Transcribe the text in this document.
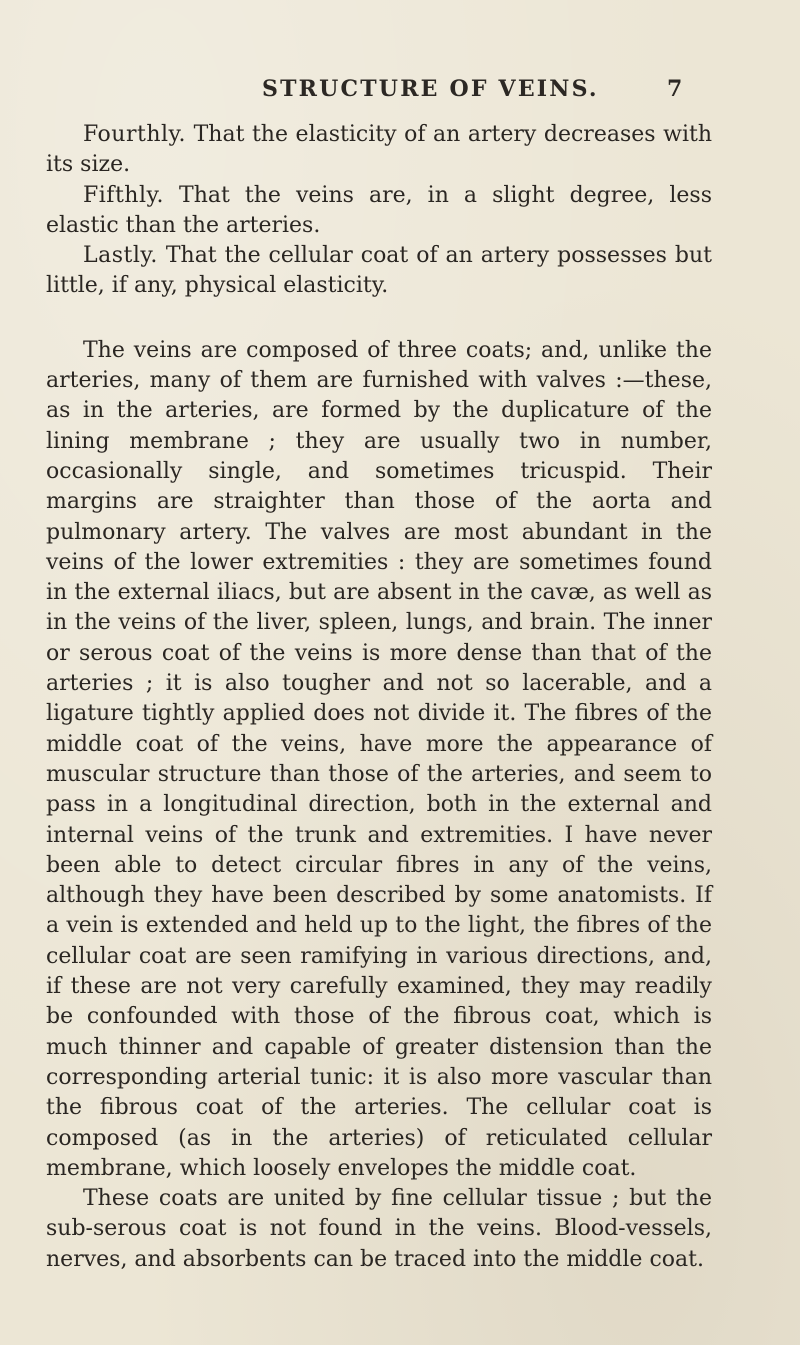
STRUCTURE OF VEINS.	7

Fourthly. That the elasticity of an artery decreases with its size.

Fifthly. That the veins are, in a slight degree, less elastic than the arteries.

Lastly. That the cellular coat of an artery possesses but little, if any, physical elasticity.

The veins are composed of three coats; and, unlike the arteries, many of them are furnished with valves :—these, as in the arteries, are formed by the duplicature of the lining membrane ; they are usually two in number, occasionally single, and sometimes tricuspid. Their margins are straighter than those of the aorta and pulmonary artery. The valves are most abundant in the veins of the lower extremities : they are sometimes found in the external iliacs, but are absent in the cavæ, as well as in the veins of the liver, spleen, lungs, and brain. The inner or serous coat of the veins is more dense than that of the arteries ; it is also tougher and not so lacerable, and a ligature tightly applied does not divide it. The fibres of the middle coat of the veins, have more the appearance of muscular structure than those of the arteries, and seem to pass in a longitudinal direction, both in the external and internal veins of the trunk and extremities. I have never been able to detect circular fibres in any of the veins, although they have been described by some anatomists. If a vein is extended and held up to the light, the fibres of the cellular coat are seen ramifying in various directions, and, if these are not very carefully examined, they may readily be confounded with those of the fibrous coat, which is much thinner and capable of greater distension than the corresponding arterial tunic: it is also more vascular than the fibrous coat of the arteries. The cellular coat is composed (as in the arteries) of reticulated cellular membrane, which loosely envelopes the middle coat.

These coats are united by fine cellular tissue ; but the sub-serous coat is not found in the veins. Blood-vessels, nerves, and absorbents can be traced into the middle coat.
